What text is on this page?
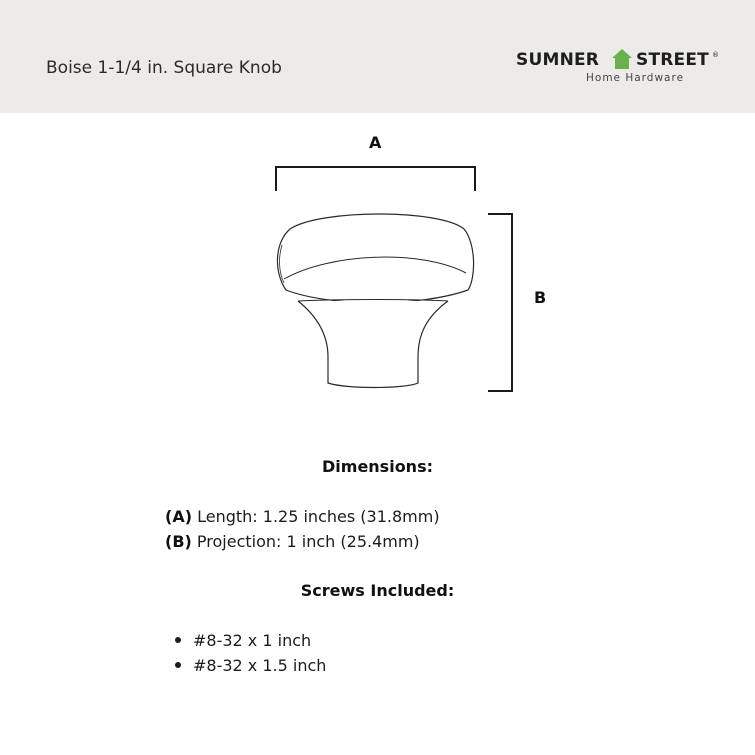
Boise 1-1/4 in. Square Knob	SUMNER STREET ®
Home Hardware
A
B
Dimensions:
(A) Length: 1.25 inches (31.8mm)
(B) Projection: 1 inch (25.4mm)
Screws Included:
#8-32 x 1 inch
#8-32 x 1.5 inch
